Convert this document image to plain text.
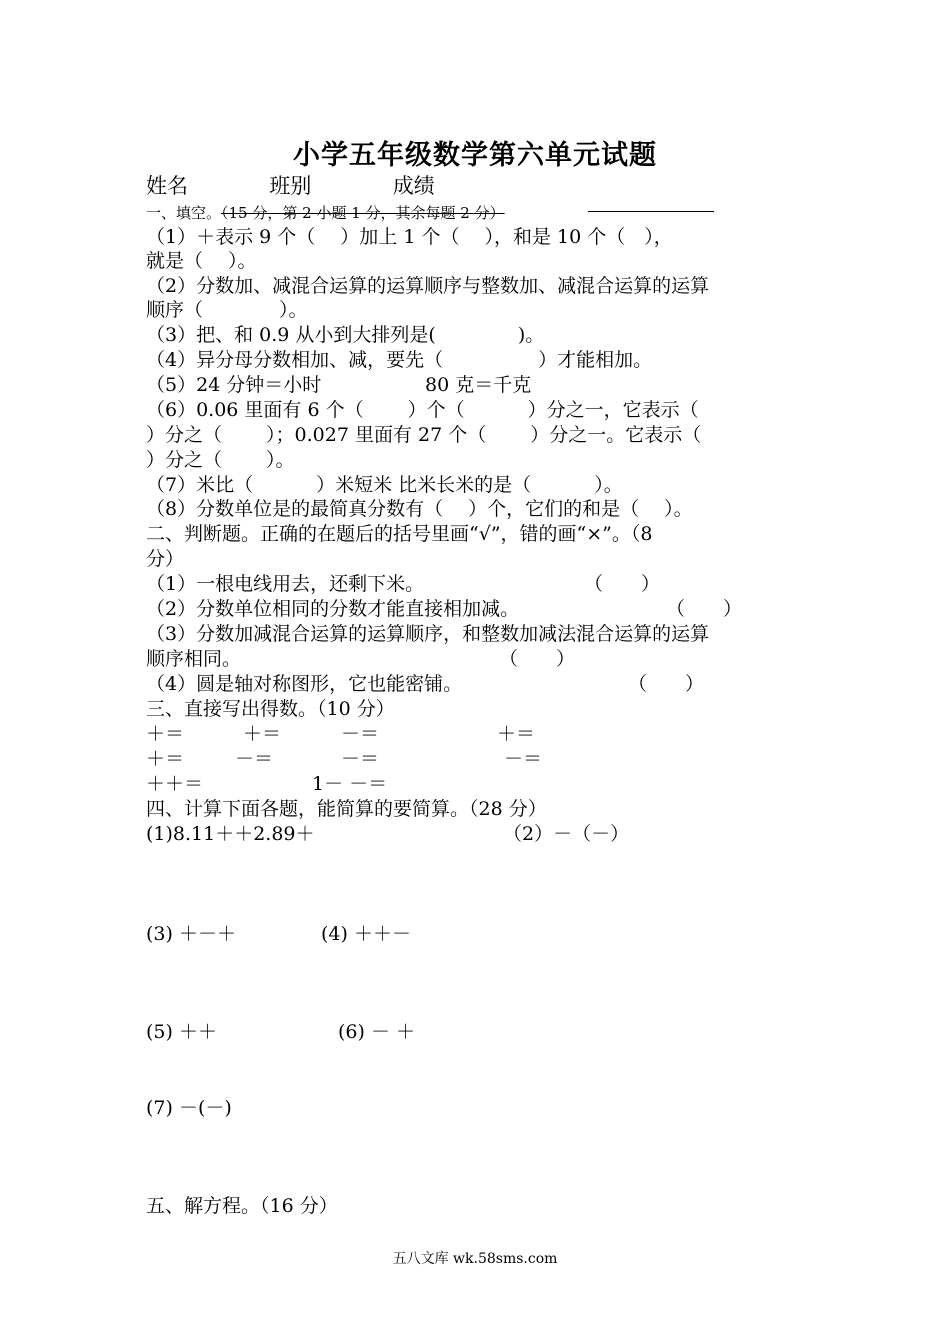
小学五年级数学第六单元试题
姓名	班别	成绩
一、填空。（15 分，第 2 小题 1 分，其余每题 2 分）
（1）＋表示 9 个（　 ）加上 1 个（　 ），和是 10 个（　），
就是（　 ）。
（2）分数加、减混合运算的运算顺序与整数加、减混合运算的运算
顺序（　　　　）。
（3）把、和 0.9 从小到大排列是(　　　　 )。
（4）异分母分数相加、减，要先（　　　　　）才能相加。
（5）24 分钟＝小时	80 克＝千克
（6）0.06 里面有 6 个（　　 ）个（　　　 ）分之一，它表示（
）分之（　　 ）；0.027 里面有 27 个（　　 ）分之一。它表示（
）分之（　　 ）。
（7）米比（　　　 ）米短米 比米长米的是（　　　 ）。
（8）分数单位是的最简真分数有（　 ）个，它们的和是（　 ）。
二、判断题。正确的在题后的括号里画“√”，错的画“×”。（8
分）
（1）一根电线用去，还剩下米。	（　　）
（2）分数单位相同的分数才能直接相加减。	（　　）
（3）分数加减混合运算的运算顺序，和整数加减法混合运算的运算
顺序相同。	（　　）
（4）圆是轴对称图形，它也能密铺。	（　　）
三、直接写出得数。（10 分）
＋＝	＋＝	－＝	＋＝
＋＝	－＝	－＝	－＝
＋＋＝	1－ －＝
四、计算下面各题，能简算的要简算。（28 分）
(1)8.11＋＋2.89＋	（2）－（－）
(3) ＋－＋	(4) ＋＋－
(5) ＋＋	(6) － ＋
(7) －(－)
五、解方程。（16 分）
五八文库 wk.58sms.com
